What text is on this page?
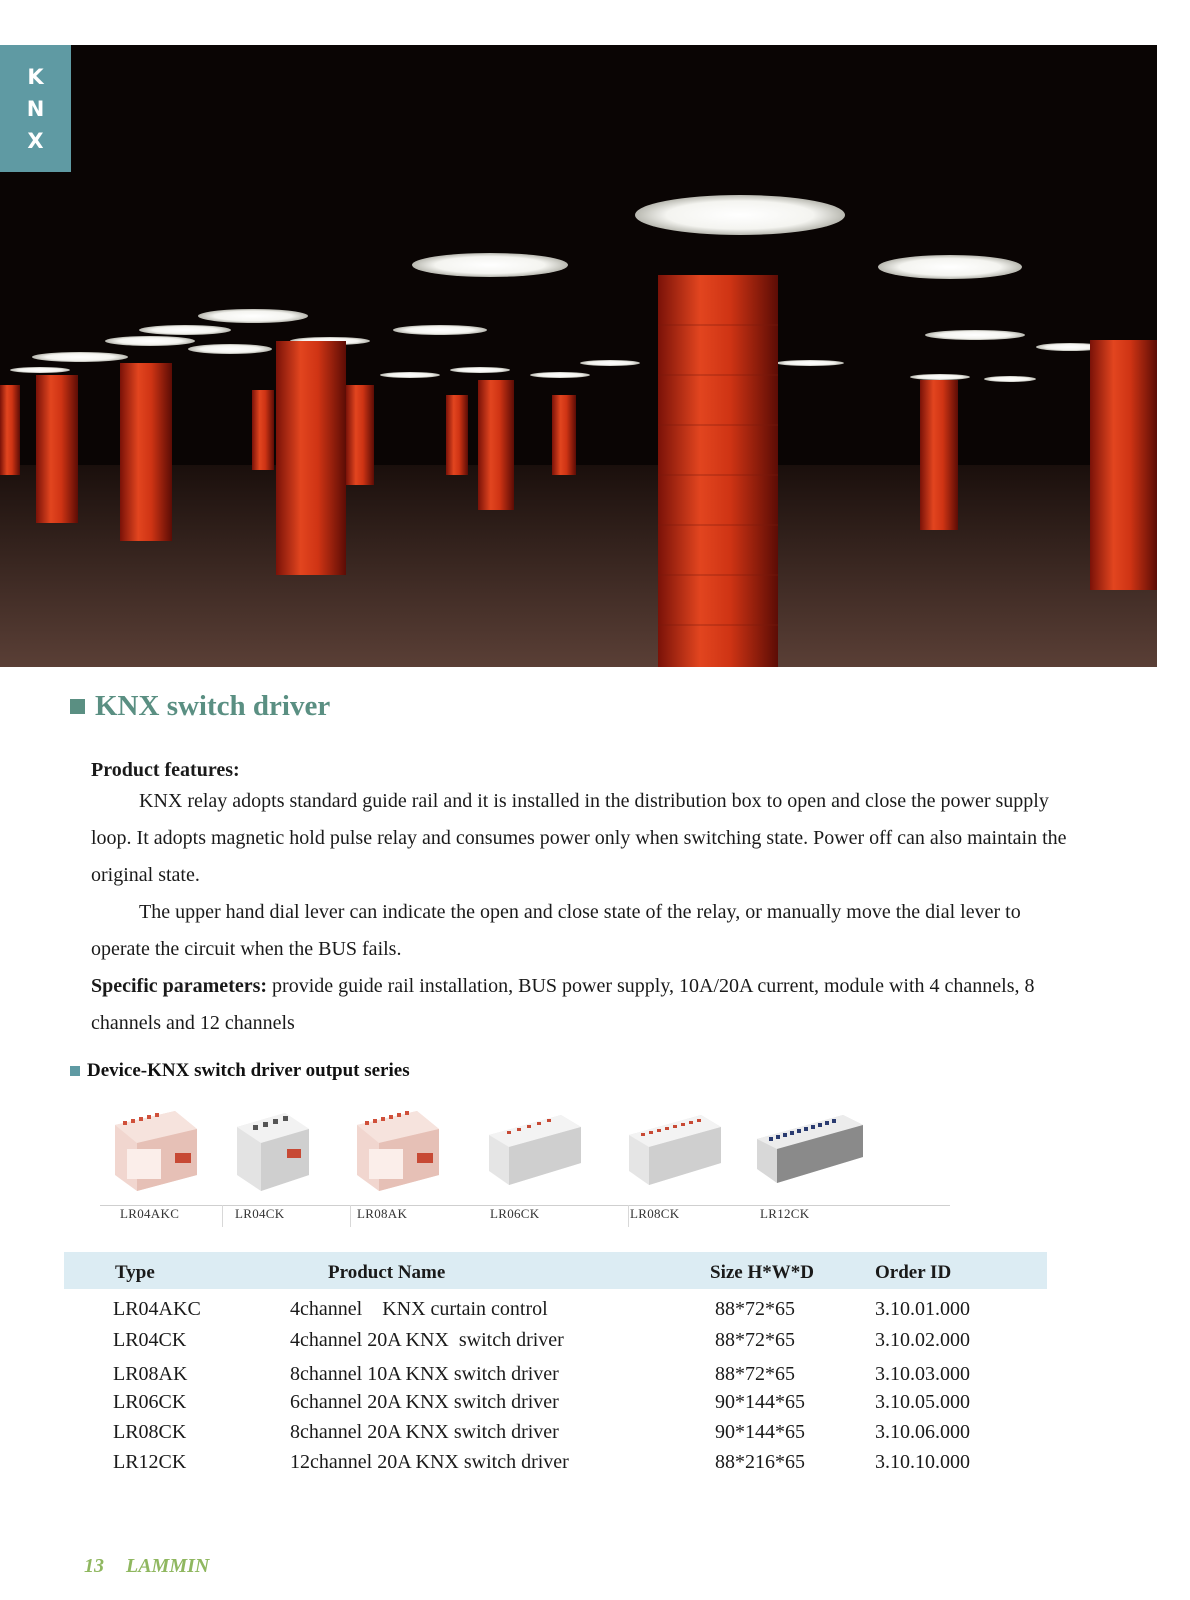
K
N
X
KNX switch driver

Product features:

KNX relay adopts standard guide rail and it is installed in the distribution box to open and close the power supply loop. It adopts magnetic hold pulse relay and consumes power only when switching state. Power off can also maintain the original state.

The upper hand dial lever can indicate the open and close state of the relay, or manually move the dial lever to operate the circuit when the BUS fails.

Specific parameters: provide guide rail installation, BUS power supply, 10A/20A current, module with 4 channels, 8 channels and 12 channels

Device-KNX switch driver output series
LR04AKC	LR04CK	LR08AK	LR06CK	LR08CK	LR12CK
Type	Product Name	Size H*W*D	Order ID
LR04AKC	4channel    KNX curtain control	88*72*65	3.10.01.000
LR04CK	4channel 20A KNX  switch driver	88*72*65	3.10.02.000
LR08AK	8channel 10A KNX switch driver	88*72*65	3.10.03.000
LR06CK	6channel 20A KNX switch driver	90*144*65	3.10.05.000
LR08CK	8channel 20A KNX switch driver	90*144*65	3.10.06.000
LR12CK	12channel 20A KNX switch driver	88*216*65	3.10.10.000
13 LAMMIN
